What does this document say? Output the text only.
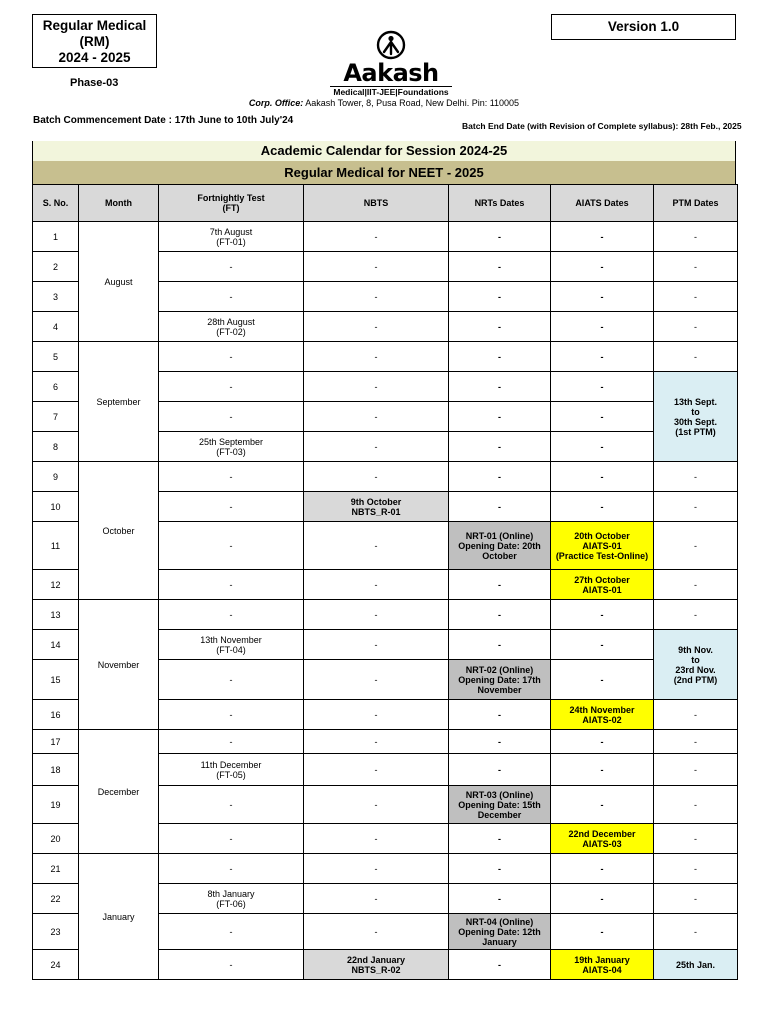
Regular Medical
(RM)
2024 - 2025
Phase-03
Version 1.0
Aakash
Medical|IIT-JEE|Foundations
Corp. Office: Aakash Tower, 8, Pusa Road, New Delhi. Pin: 110005
Batch Commencement Date : 17th June to 10th July'24	Batch End Date (with Revision of Complete syllabus): 28th Feb., 2025
Academic Calendar for Session 2024-25
Regular Medical for NEET - 2025
S. No.	Month	Fortnightly Test
(FT)	NBTS	NRTs Dates	AIATS Dates	PTM Dates
1	August	7th August
(FT-01)	-	-	-	-
2		-	-	-	-	-
3		-	-	-	-	-
4		28th August
(FT-02)	-	-	-	-
5	September	-	-	-	-	-
6		-	-	-	-	13th Sept.
to
30th Sept.
(1st PTM)
7		-	-	-	-	
8		25th September
(FT-03)	-	-	-	
9	October	-	-	-	-	-
10		-	9th October
NBTS_R-01	-	-	-
11		-	-	NRT-01 (Online)
Opening Date: 20th
October	20th October
AIATS-01
(Practice Test-Online)	-
12		-	-	-	27th October
AIATS-01	-
13	November	-	-	-	-	-
14		13th November
(FT-04)	-	-	-	9th Nov.
to
23rd Nov.
(2nd PTM)
15		-	-	NRT-02 (Online)
Opening Date: 17th
November	-	
16		-	-	-	24th November
AIATS-02	-
17	December	-	-	-	-	-
18		11th December
(FT-05)	-	-	-	-
19		-	-	NRT-03 (Online)
Opening Date: 15th
December	-	-
20		-	-	-	22nd December
AIATS-03	-
21	January	-	-	-	-	-
22		8th January
(FT-06)	-	-	-	-
23		-	-	NRT-04 (Online)
Opening Date: 12th
January	-	-
24		-	22nd January
NBTS_R-02	-	19th January
AIATS-04	25th Jan.
